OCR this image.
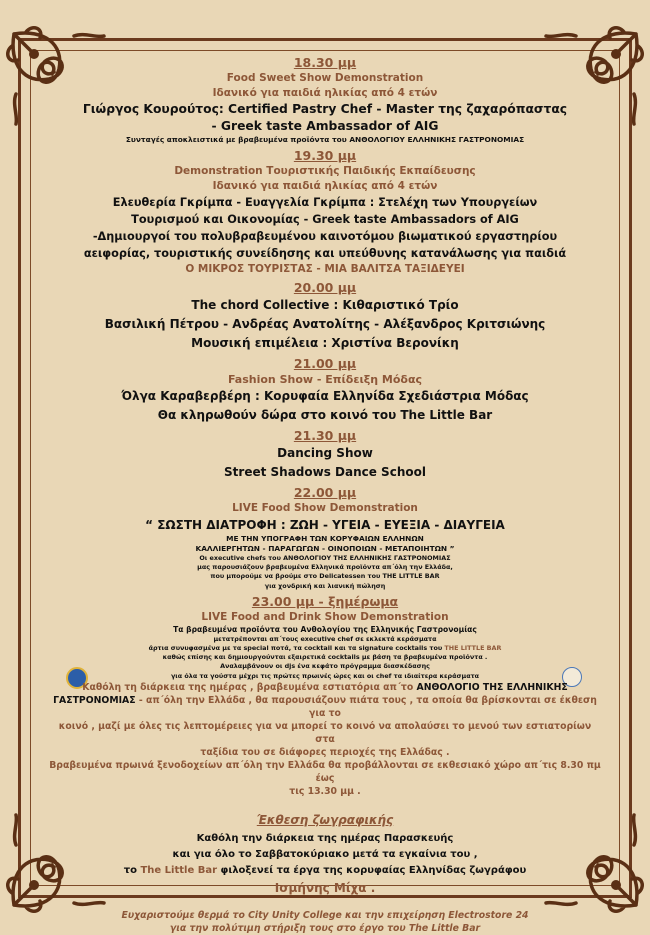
18.30 μμ
Food Sweet Show Demonstration
Ιδανικό για παιδιά ηλικίας από 4 ετών
Γιώργος Κουρούτος: Certified Pastry Chef - Master της ζαχαρόπαστας
- Greek taste Ambassador of AIG
Συνταγές αποκλειστικά με βραβευμένα προϊόντα του ΑΝΘΟΛΟΓΙΟΥ ΕΛΛΗΝΙΚΗΣ ΓΑΣΤΡΟΝΟΜΙΑΣ
19.30 μμ
Demonstration Τουριστικής Παιδικής Εκπαίδευσης
Ιδανικό για παιδιά ηλικίας από 4 ετών
Ελευθερία Γκρίμπα - Ευαγγελία Γκρίμπα : Στελέχη των Υπουργείων
Τουρισμού και Οικονομίας - Greek taste Ambassadors of AIG
-Δημιουργοί του πολυβραβευμένου καινοτόμου βιωματικού εργαστηρίου
αειφορίας, τουριστικής συνείδησης και υπεύθυνης κατανάλωσης για παιδιά
Ο ΜΙΚΡΟΣ ΤΟΥΡΙΣΤΑΣ - ΜΙΑ ΒΑΛΙΤΣΑ ΤΑΞΙΔΕΥΕΙ
20.00 μμ
The chord Collective : Κιθαριστικό Τρίο
Βασιλική Πέτρου - Ανδρέας Ανατολίτης - Αλέξανδρος Κριτσιώνης
Μουσική επιμέλεια : Χριστίνα Βερονίκη
21.00 μμ
Fashion Show - Επίδειξη Μόδας
Όλγα Καραβερβέρη : Κορυφαία Ελληνίδα Σχεδιάστρια Μόδας
Θα κληρωθούν δώρα στο κοινό του The Little Bar
21.30 μμ
Dancing Show
Street Shadows Dance School
22.00 μμ
LIVE Food Show Demonstration
“ ΣΩΣΤΗ ΔΙΑΤΡΟΦΗ : ΖΩΗ - ΥΓΕΙΑ - ΕΥΕΞΙΑ - ΔΙΑΥΓΕΙΑ
ΜΕ ΤΗΝ ΥΠΟΓΡΑΦΗ ΤΩΝ ΚΟΡΥΦΑΙΩΝ ΕΛΛΗΝΩΝ
ΚΑΛΛΙΕΡΓΗΤΩΝ - ΠΑΡΑΓΩΓΩΝ - ΟΙΝΟΠΟΙΩΝ - ΜΕΤΑΠΟΙΗΤΩΝ ”
Οι executive chefs του ΑΝΘΟΛΟΓΙΟΥ ΤΗΣ ΕΛΛΗΝΙΚΗΣ ΓΑΣΤΡΟΝΟΜΙΑΣ
μας παρουσιάζουν βραβευμένα Ελληνικά προϊόντα απ΄όλη την Ελλάδα,
που μπορούμε να βρούμε στο Delicatessen του THE LITTLE BAR
για χονδρική και λιανική πώληση
23.00 μμ - ξημέρωμα
LIVE Food and Drink Show Demonstration
Τα βραβευμένα προϊόντα του Ανθολογίου της Ελληνικής Γαστρονομίας
μετατρέπονται απ΄τους executive chef σε εκλεκτά κεράσματα
άρτια συνυφασμένα με τα special ποτά, τα cocktail και τα signature cocktails του THE LITTLE BAR
καθώς επίσης και δημιουργούνται εξαιρετικά cocktails με βάση τα βραβευμένα προϊόντα .
Αναλαμβάνουν οι djs ένα κεφάτο πρόγραμμα διασκέδασης
για όλα τα γούστα μέχρι τις πρώτες πρωινές ώρες και οι chef τα ιδιαίτερα κεράσματα
Καθόλη τη διάρκεια της ημέρας , βραβευμένα εστιατόρια απ΄το ΑΝΘΟΛΟΓΙΟ ΤΗΣ ΕΛΛΗΝΙΚΗΣ
ΓΑΣΤΡΟΝΟΜΙΑΣ - απ΄όλη την Ελλάδα , θα παρουσιάζουν πιάτα τους , τα οποία θα βρίσκονται σε έκθεση για το
κοινό , μαζί με όλες τις λεπτομέρειες για να μπορεί το κοινό να απολαύσει το μενού των εστιατορίων στα
ταξίδια του σε διάφορες περιοχές της Ελλάδας .
Βραβευμένα πρωινά ξενοδοχείων απ΄όλη την Ελλάδα θα προβάλλονται σε εκθεσιακό χώρο απ΄τις 8.30 πμ έως
τις 13.30 μμ .
Έκθεση ζωγραφικής
Καθόλη την διάρκεια της ημέρας Παρασκευής
και για όλο το Σαββατοκύριακο μετά τα εγκαίνια του ,
το The Little Bar φιλοξενεί τα έργα της κορυφαίας Ελληνίδας ζωγράφου
Ισμήνης Μίχα .
Ευχαριστούμε θερμά το City Unity College και την επιχείρηση Electrostore 24
για την πολύτιμη στήριξη τους στο έργο του The Little Bar
